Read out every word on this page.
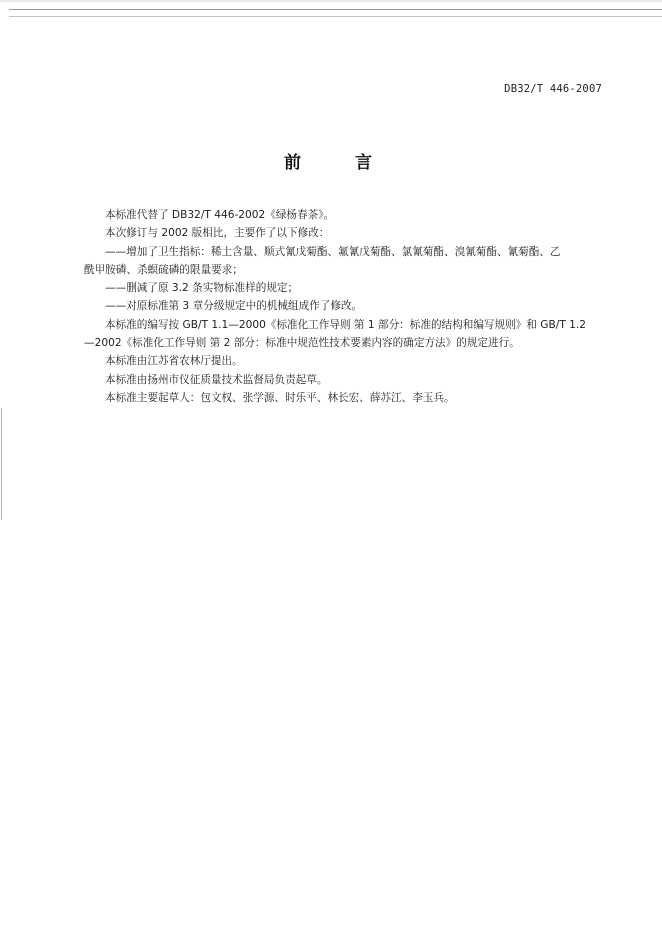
DB32/T 446-2007
前 言

本标准代替了 DB32/T 446-2002《绿杨春茶》。

本次修订与 2002 版相比，主要作了以下修改：

——增加了卫生指标：稀土含量、顺式氰戊菊酯、氟氰戊菊酯、氯氰菊酯、溴氰菊酯、氰菊酯、乙

酰甲胺磷、杀螟硫磷的限量要求；

——删减了原 3.2 条实物标准样的规定；

——对原标准第 3 章分级规定中的机械组成作了修改。

本标准的编写按 GB/T 1.1—2000《标准化工作导则 第 1 部分：标准的结构和编写规则》和 GB/T 1.2

—2002《标准化工作导则 第 2 部分：标准中规范性技术要素内容的确定方法》的规定进行。

本标准由江苏省农林厅提出。

本标准由扬州市仪征质量技术监督局负责起草。

本标准主要起草人：包文权、张学源、时乐平、林长宏、薛苏江、李玉兵。
